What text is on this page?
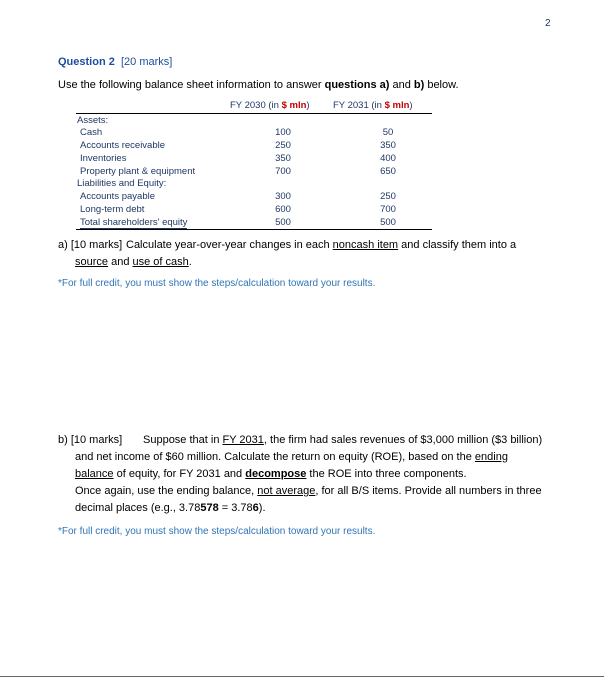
2
Question 2 [20 marks]
Use the following balance sheet information to answer questions a) and b) below.
FY 2030 (in $ mln) FY 2031 (in $ mln)
Assets:
Cash	100	50
Accounts receivable	250	350
Inventories	350	400
Property plant & equipment	700	650
Liabilities and Equity:
Accounts payable	300	250
Long-term debt	600	700
Total shareholders' equity	500	500
a) [10 marks] Calculate year-over-year changes in each noncash item and classify them into a
source and use of cash.
*For full credit, you must show the steps/calculation toward your results.

b) [10 marks] Suppose that in FY 2031, the firm had sales revenues of $3,000 million ($3 billion)

and net income of $60 million. Calculate the return on equity (ROE), based on the ending

balance of equity, for FY 2031 and decompose the ROE into three components.

Once again, use the ending balance, not average, for all B/S items. Provide all numbers in three

decimal places (e.g., 3.78578 = 3.786).

*For full credit, you must show the steps/calculation toward your results.
